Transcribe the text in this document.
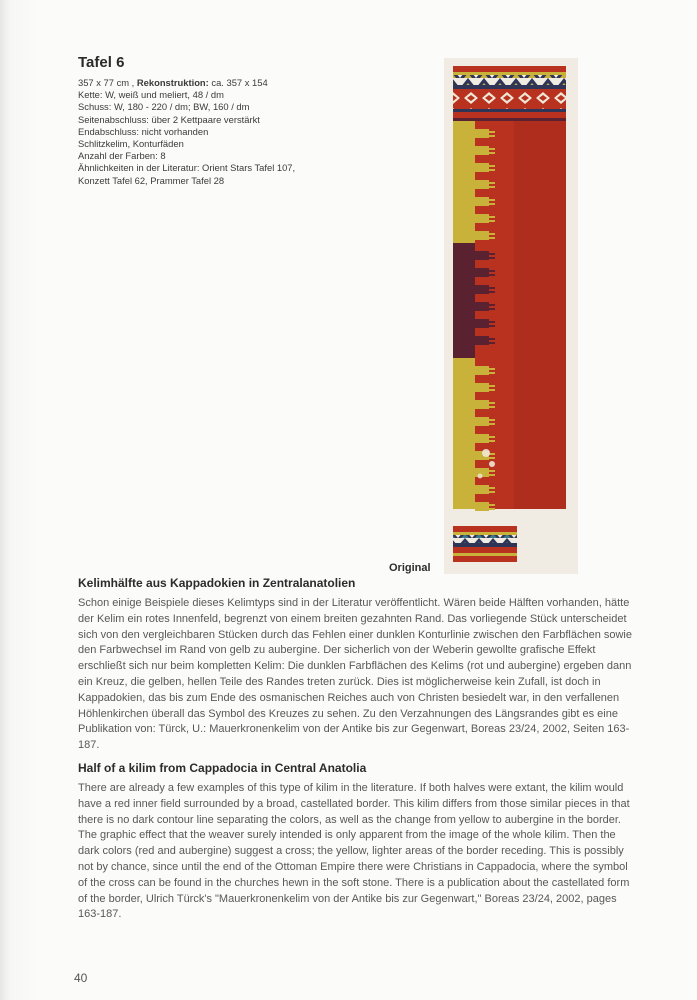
Tafel 6
357 x 77 cm , Rekonstruktion: ca. 357 x 154
Kette: W, weiß und meliert, 48 / dm
Schuss: W, 180 - 220 / dm; BW, 160 / dm
Seitenabschluss: über 2 Kettpaare verstärkt
Endabschluss: nicht vorhanden
Schlitzkelim, Konturfäden
Anzahl der Farben: 8
Ähnlichkeiten in der Literatur: Orient Stars Tafel 107,
Konzett Tafel 62, Prammer Tafel 28
Original
Kelimhälfte aus Kappadokien in Zentralanatolien

Schon einige Beispiele dieses Kelimtyps sind in der Literatur veröffentlicht. Wären beide Hälften vorhanden, hätte der Kelim ein rotes Innenfeld, begrenzt von einem breiten gezahnten Rand. Das vorliegende Stück unterscheidet sich von den vergleichbaren Stücken durch das Fehlen einer dunklen Konturlinie zwischen den Farbflächen sowie den Farbwechsel im Rand von gelb zu aubergine. Der sicherlich von der Weberin gewollte grafische Effekt erschließt sich nur beim kompletten Kelim: Die dunklen Farbflächen des Kelims (rot und aubergine) ergeben dann ein Kreuz, die gelben, hellen Teile des Randes treten zurück. Dies ist möglicherweise kein Zufall, ist doch in Kappadokien, das bis zum Ende des osmanischen Reiches auch von Christen besiedelt war, in den verfallenen Höhlenkirchen überall das Symbol des Kreuzes zu sehen. Zu den Verzahnungen des Längsrandes gibt es eine Publikation von: Türck, U.: Mauerkronenkelim von der Antike bis zur Gegenwart, Boreas 23/24, 2002, Seiten 163-187.

Half of a kilim from Cappadocia in Central Anatolia

There are already a few examples of this type of kilim in the literature. If both halves were extant, the kilim would have a red inner field surrounded by a broad, castellated border. This kilim differs from those similar pieces in that there is no dark contour line separating the colors, as well as the change from yellow to aubergine in the border. The graphic effect that the weaver surely intended is only apparent from the image of the whole kilim. Then the dark colors (red and aubergine) suggest a cross; the yellow, lighter areas of the border receding. This is possibly not by chance, since until the end of the Ottoman Empire there were Christians in Cappadocia, where the symbol of the cross can be found in the churches hewn in the soft stone. There is a publication about the castellated form of the border, Ulrich Türck's "Mauerkronenkelim von der Antike bis zur Gegenwart," Boreas 23/24, 2002, pages 163-187.

40
